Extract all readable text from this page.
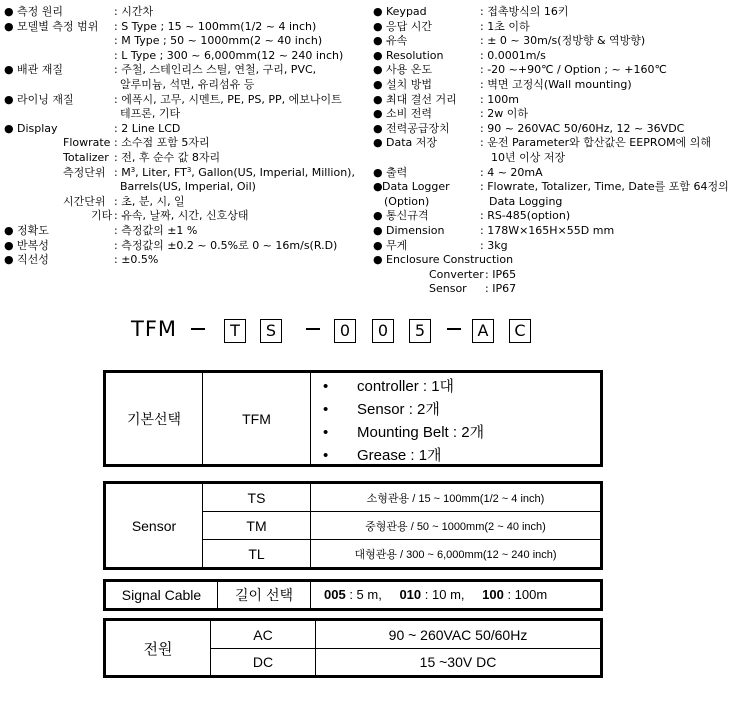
● 측정 원리	: 시간차
● 모델별 측정 범위 : S Type ; 15 ~ 100mm(1/2 ~ 4 inch)
: M Type ; 50 ~ 1000mm(2 ~ 40 inch)
: L Type ; 300 ~ 6,000mm(12 ~ 240 inch)
● 배관 재질	: 주철, 스테인리스 스틸, 연철, 구리, PVC,
알루미늄, 석면, 유리섬유 등
● 라이닝 재질	: 에폭시, 고무, 시멘트, PE, PS, PP, 에보나이트
테프론, 기타
● Display	: 2 Line LCD
Flowrate : 소수점 포함 5자리
Totalizer : 전, 후 순수 값 8자리
측정단위 : $M^3$, Liter, $FT^3$, Gallon(US, Imperial, Million),
Barrels(US, Imperial, Oil)
시간단위 : 초, 분, 시, 일
기타 : 유속, 날짜, 시간, 신호상태
● 정확도	: 측정값의 ±1 %
● 반복성	: 측정값의 ±0.2 ~ 0.5%로 0 ~ 16m/s(R.D)
● 직선성	: ±0.5%
● Keypad	: 접촉방식의 16키
● 응답 시간	: 1초 이하
● 유속	: ± 0 ~ 30m/s(정방향 & 역방향)
● Resolution	: 0.0001m/s
● 사용 온도	: -20 ~+90℃ / Option ; ~ +160℃
● 설치 방법	: 벽면 고정식(Wall mounting)
● 최대 결선 거리 : 100m
● 소비 전력	: 2w 이하
● 전력공급장치	: 90 ~ 260VAC 50/60Hz, 12 ~ 36VDC
● Data 저장	: 운전 Parameter와 합산값은 EEPROM에 의해
10년 이상 저장
● 출력	: 4 ~ 20mA
● Data Logger	: Flowrate, Totalizer, Time, Date를 포함 64정의
(Option)	Data Logging
● 통신규격	: RS-485(option)
● Dimension	: 178W×165H×55D mm
● 무게	: 3kg
● Enclosure Construction
Converter : IP65
Sensor : IP67
TFM	T	S	0	0	5	A	C
기본선택	TFM
• controller : 1대
• Sensor : 2개
• Mounting Belt : 2개
• Grease : 1개
Sensor
TS	소형관용 / 15 ~ 100mm(1/2 ~ 4 inch)
TM	중형관용 / 50 ~ 1000mm(2 ~ 40 inch)
TL	대형관용 / 300 ~ 6,000mm(12 ~ 240 inch)
Signal Cable	길이 선택	005 : 5 m, 010 : 10 m, 100 : 100m
전원
AC	90 ~ 260VAC 50/60Hz
DC	15 ~30V DC
